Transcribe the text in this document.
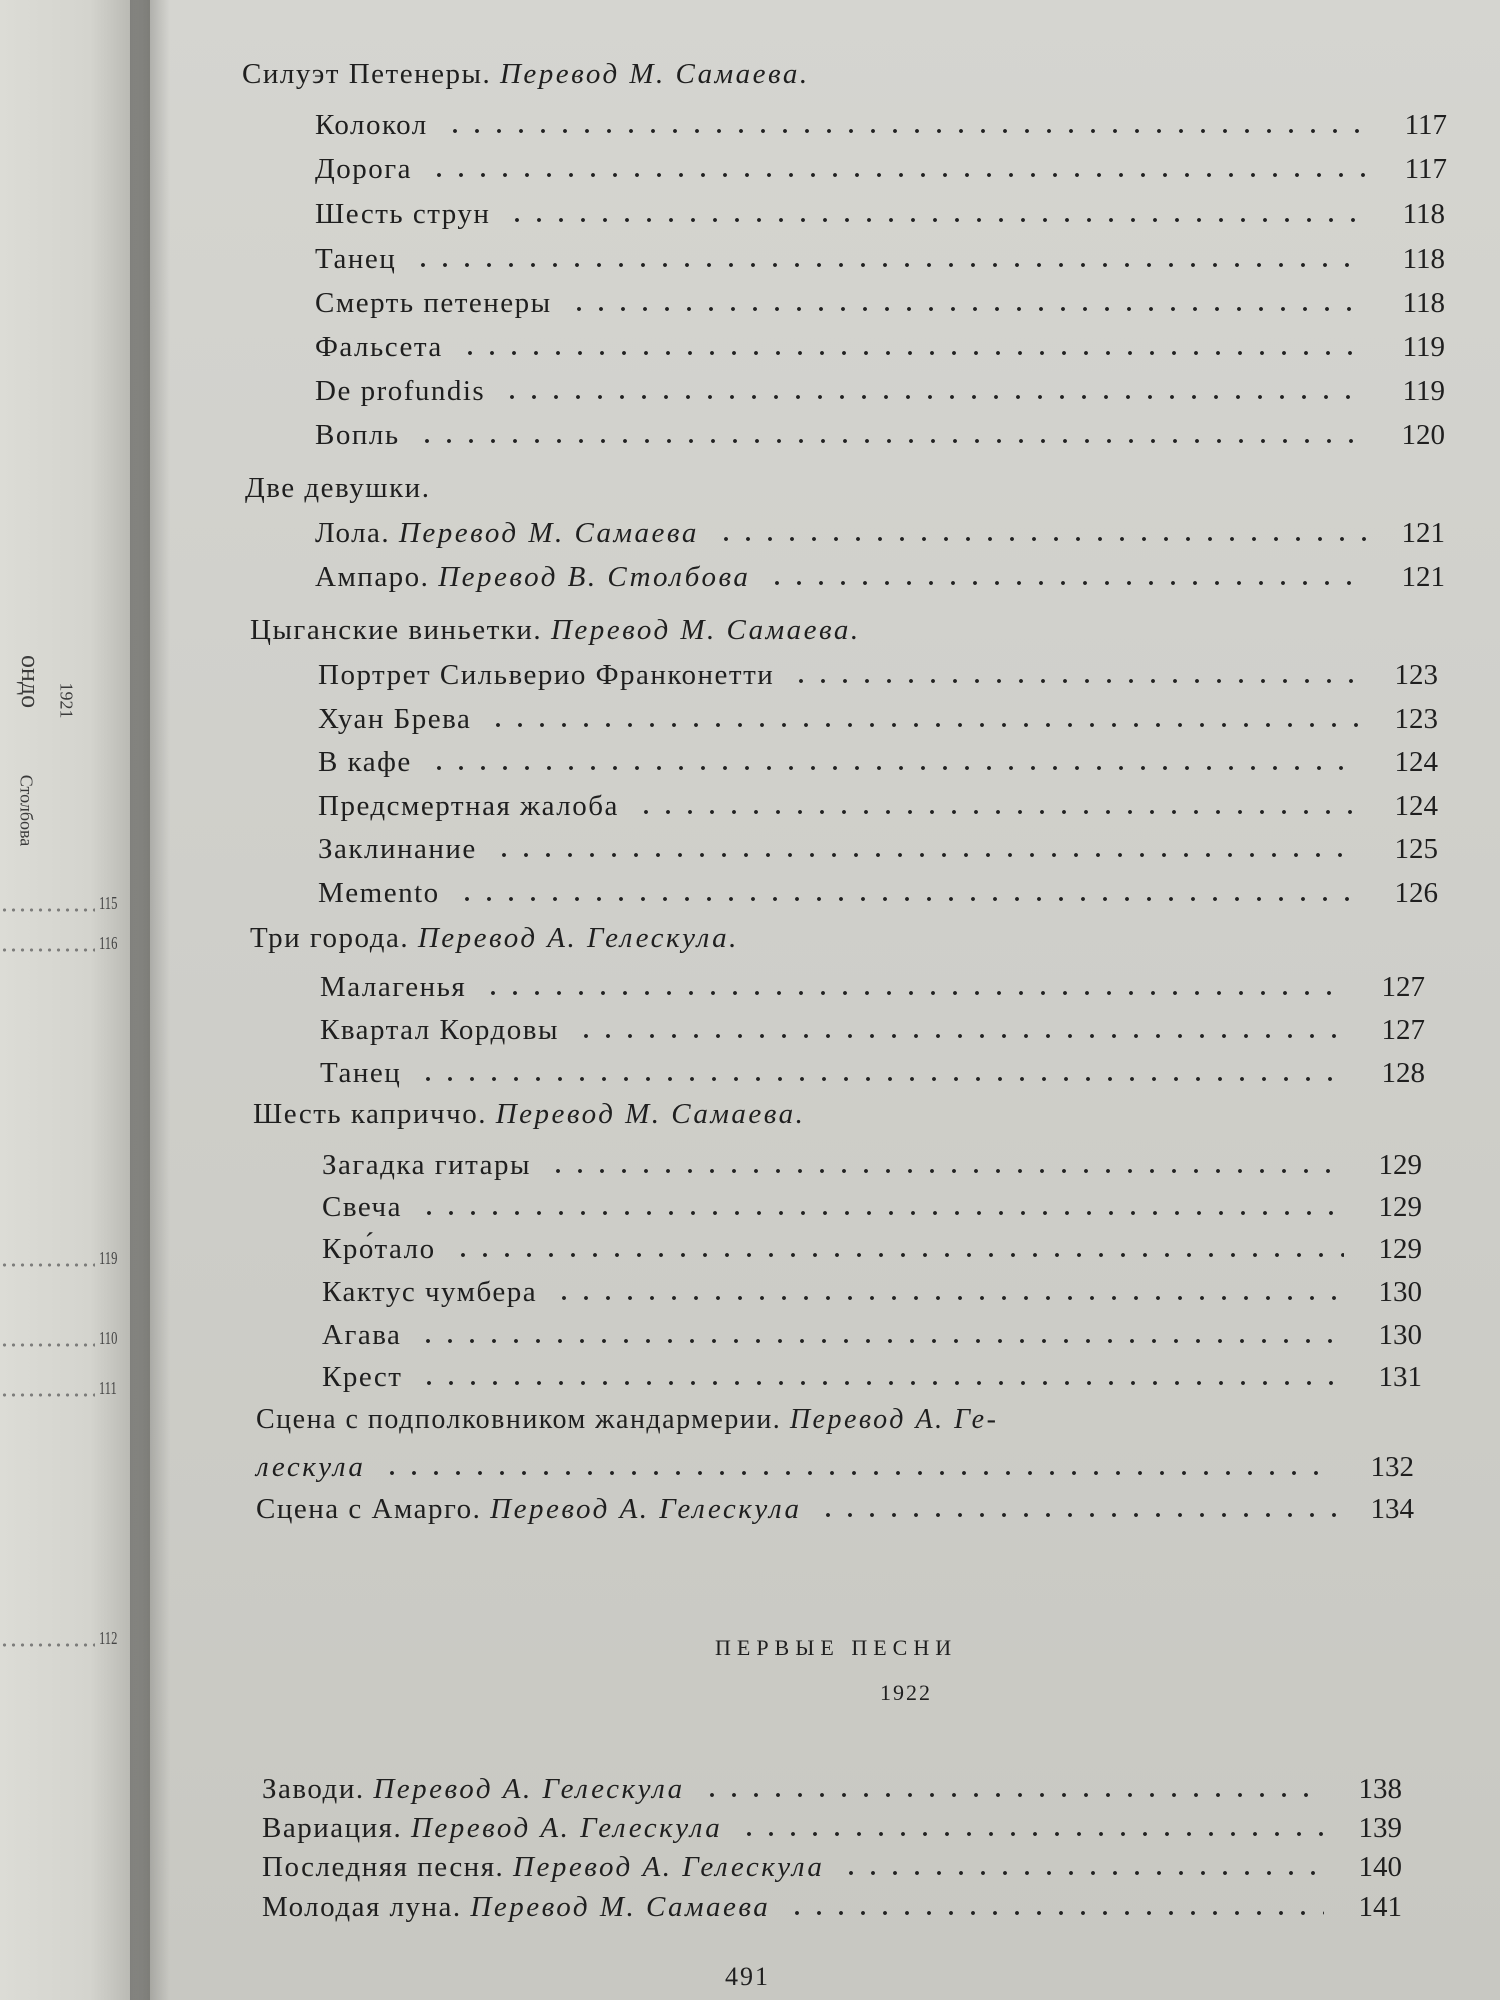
ондо 1921
Столбова
115
116
119
110
111
112
Силуэт Петенеры. Перевод М. Самаева.
Колокол	117
Дорога	117
Шесть струн	118
Танец	118
Смерть петенеры	118
Фальсета	119
De profundis	119
Вопль	120
Две девушки.
Лола. Перевод М. Самаева	121
Ампаро. Перевод В. Столбова	121
Цыганские виньетки. Перевод М. Самаева.
Портрет Сильверио Франконетти	123
Хуан Брева	123
В кафе	124
Предсмертная жалоба	124
Заклинание	125
Memento	126
Три города. Перевод А. Гелескула.
Малагенья	127
Квартал Кордовы	127
Танец	128
Шесть каприччо. Перевод М. Самаева.
Загадка гитары	129
Свеча	129
Кро́тало	129
Кактус чумбера	130
Агава	130
Крест	131
Сцена с подполковником жандармерии. Перевод А. Ге-
лескула	132
Сцена с Амарго. Перевод А. Гелескула	134
ПЕРВЫЕ ПЕСНИ
1922
Заводи. Перевод А. Гелескула	138
Вариация. Перевод А. Гелескула	139
Последняя песня. Перевод А. Гелескула	140
Молодая луна. Перевод М. Самаева	141
491
